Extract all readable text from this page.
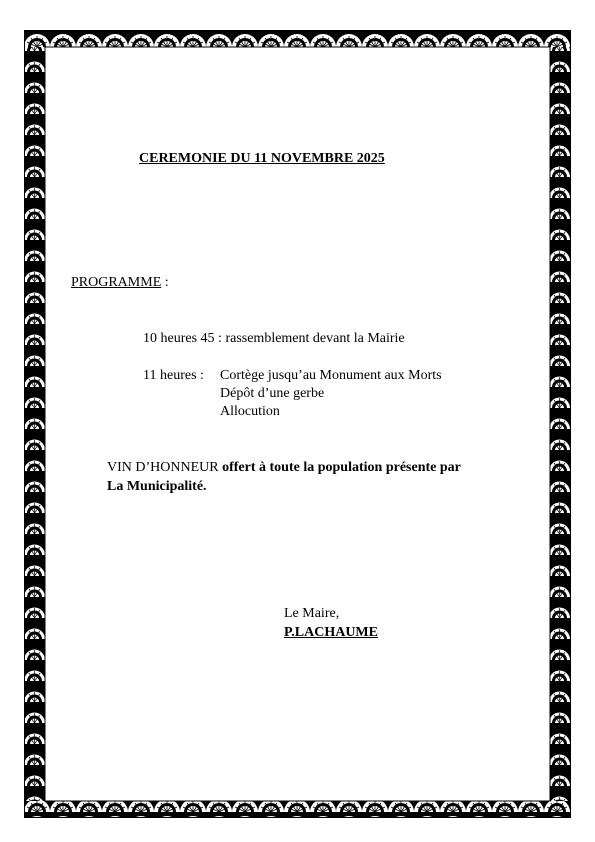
CEREMONIE DU 11 NOVEMBRE 2025
PROGRAMME :
10 heures 45 : rassemblement devant la Mairie
11 heures : Cortège jusqu’au Monument aux Morts
Dépôt d’une gerbe
Allocution
VIN D’HONNEUR offert à toute la population présente par
La Municipalité.
Le Maire,
P.LACHAUME
